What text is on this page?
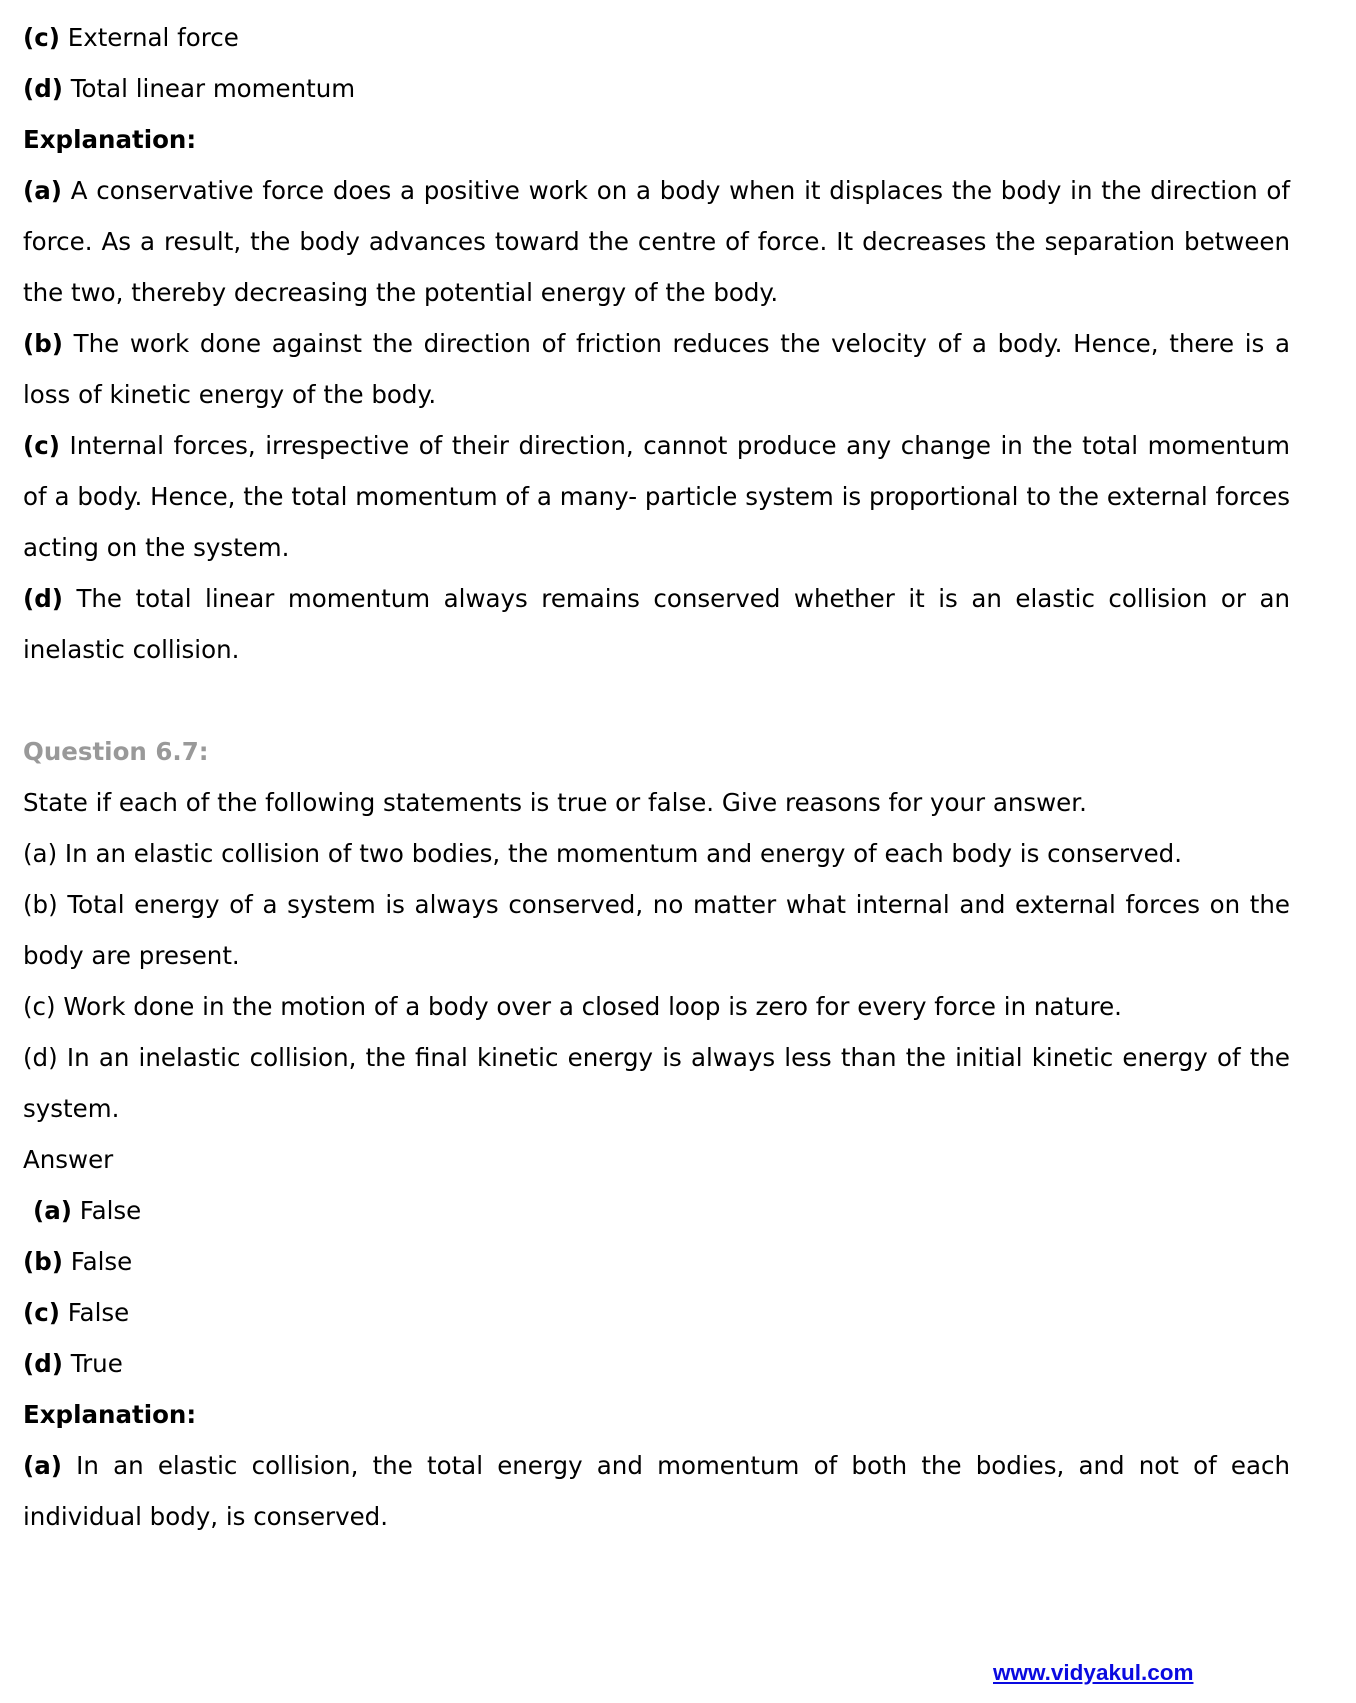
(c) External force

(d) Total linear momentum

Explanation:

(a) A conservative force does a positive work on a body when it displaces the body in the direction of force. As a result, the body advances toward the centre of force. It decreases the separation between the two, thereby decreasing the potential energy of the body.

(b) The work done against the direction of friction reduces the velocity of a body. Hence, there is a loss of kinetic energy of the body.

(c) Internal forces, irrespective of their direction, cannot produce any change in the total momentum of a body. Hence, the total momentum of a many- particle system is proportional to the external forces acting on the system.

(d) The total linear momentum always remains conserved whether it is an elastic collision or an inelastic collision.

Question 6.7:

State if each of the following statements is true or false. Give reasons for your answer.

(a) In an elastic collision of two bodies, the momentum and energy of each body is conserved.

(b) Total energy of a system is always conserved, no matter what internal and external forces on the body are present.

(c) Work done in the motion of a body over a closed loop is zero for every force in nature.

(d) In an inelastic collision, the final kinetic energy is always less than the initial kinetic energy of the system.

Answer

(a) False

(b) False

(c) False

(d) True

Explanation:

(a) In an elastic collision, the total energy and momentum of both the bodies, and not of each individual body, is conserved.

www.vidyakul.com
